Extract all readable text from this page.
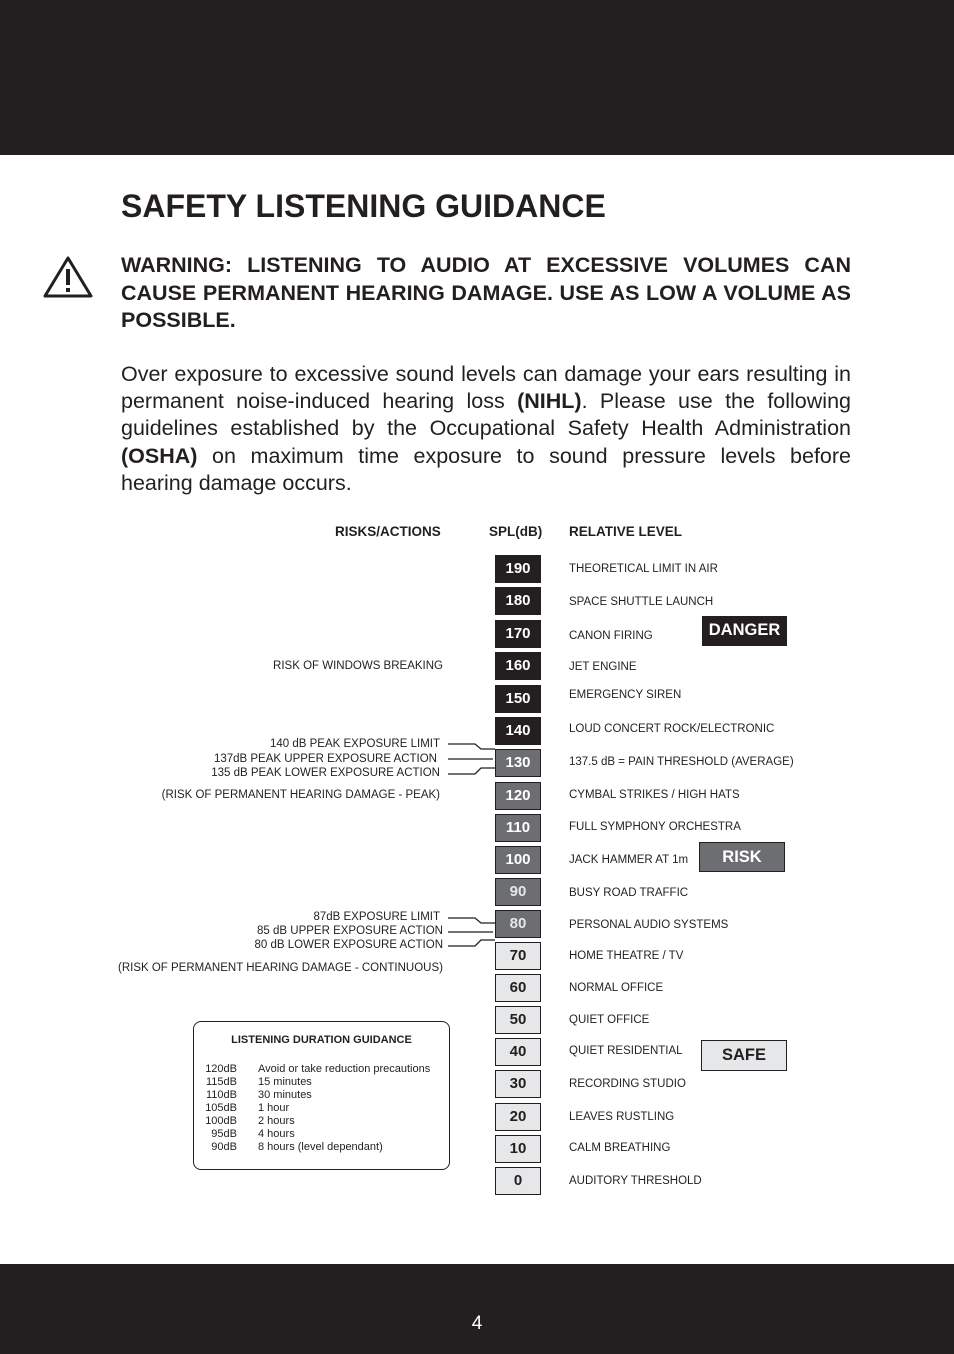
SAFETY LISTENING GUIDANCE

WARNING: LISTENING TO AUDIO AT EXCESSIVE VOLUMES CAN CAUSE PERMANENT HEARING DAMAGE. USE AS LOW A VOLUME AS POSSIBLE.

Over exposure to excessive sound levels can damage your ears resulting in permanent noise-induced hearing loss (NIHL). Please use the following guidelines established by the Occupational Safety Health Administration (OSHA) on maximum time exposure to sound pressure levels before hearing damage occurs.

RISKS/ACTIONS	SPL(dB) RELATIVE LEVEL
190	THEORETICAL LIMIT IN AIR
180	SPACE SHUTTLE LAUNCH
170	CANON FIRING
160	JET ENGINE
150	EMERGENCY SIREN
140	LOUD CONCERT ROCK/ELECTRONIC
130	137.5 dB = PAIN THRESHOLD (AVERAGE)
120	CYMBAL STRIKES / HIGH HATS
110	FULL SYMPHONY ORCHESTRA
100	JACK HAMMER AT 1m
90	BUSY ROAD TRAFFIC
80	PERSONAL AUDIO SYSTEMS
70	HOME THEATRE / TV
60	NORMAL OFFICE
50	QUIET OFFICE
40	QUIET RESIDENTIAL
30	RECORDING STUDIO
20	LEAVES RUSTLING
10	CALM BREATHING
0	AUDITORY THRESHOLD
DANGER
RISK
SAFE
RISK OF WINDOWS BREAKING
140 dB PEAK EXPOSURE LIMIT
137dB PEAK UPPER EXPOSURE ACTION
135 dB PEAK LOWER EXPOSURE ACTION
(RISK OF PERMANENT HEARING DAMAGE - PEAK)
87dB EXPOSURE LIMIT
85 dB UPPER EXPOSURE ACTION
80 dB LOWER EXPOSURE ACTION
(RISK OF PERMANENT HEARING DAMAGE - CONTINUOUS)
LISTENING DURATION GUIDANCE
120dB Avoid or take reduction precautions
115dB 15 minutes
110dB 30 minutes
105dB 1 hour
100dB 2 hours
95dB 4 hours
90dB 8 hours (level dependant)
4
